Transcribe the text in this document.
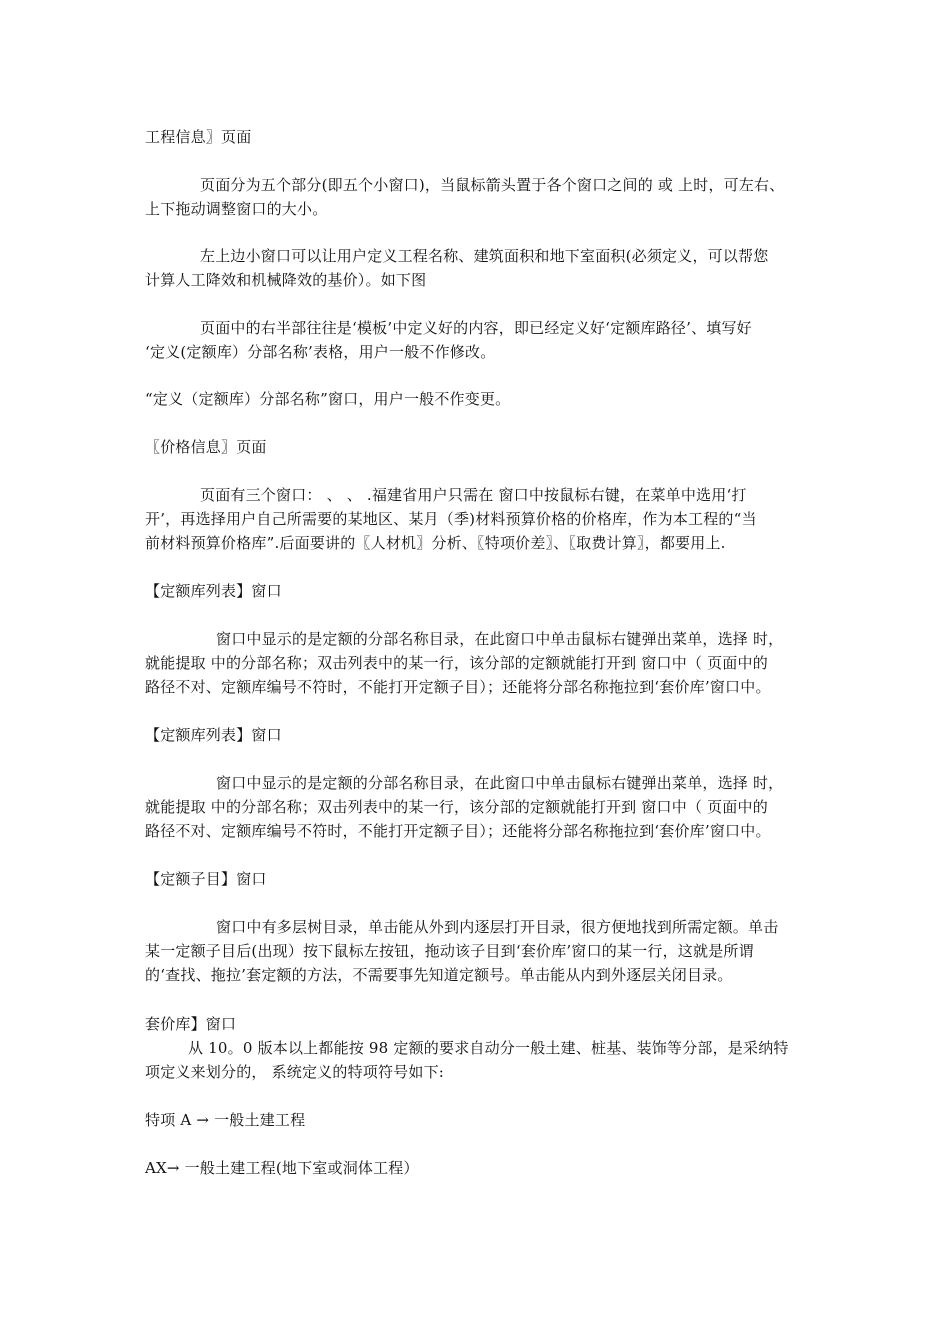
工程信息〗页面
页面分为五个部分(即五个小窗口)，当鼠标箭头置于各个窗口之间的 或 上时，可左右、
上下拖动调整窗口的大小。
左上边小窗口可以让用户定义工程名称、建筑面积和地下室面积(必须定义，可以帮您
计算人工降效和机械降效的基价）。如下图
页面中的右半部往往是‘模板’中定义好的内容，即已经定义好‘定额库路径’、填写好
‘定义(定额库）分部名称’表格，用户一般不作修改。
“定义（定额库）分部名称”窗口，用户一般不作变更。
〖价格信息〗页面
页面有三个窗口： 、 、 .福建省用户只需在 窗口中按鼠标右键，在菜单中选用‘打
开’，再选择用户自己所需要的某地区、某月（季)材料预算价格的价格库，作为本工程的“当
前材料预算价格库”.后面要讲的〖人材机〗分析、〖特项价差〗、〖取费计算〗，都要用上.
【定额库列表】窗口
窗口中显示的是定额的分部名称目录，在此窗口中单击鼠标右键弹出菜单，选择 时，
就能提取 中的分部名称；双击列表中的某一行，该分部的定额就能打开到 窗口中（ 页面中的
路径不对、定额库编号不符时，不能打开定额子目）；还能将分部名称拖拉到‘套价库’窗口中。
【定额库列表】窗口
窗口中显示的是定额的分部名称目录，在此窗口中单击鼠标右键弹出菜单，选择 时，
就能提取 中的分部名称；双击列表中的某一行，该分部的定额就能打开到 窗口中（ 页面中的
路径不对、定额库编号不符时，不能打开定额子目）；还能将分部名称拖拉到‘套价库’窗口中。
【定额子目】窗口
窗口中有多层树目录，单击能从外到内逐层打开目录，很方便地找到所需定额。单击
某一定额子目后(出现）按下鼠标左按钮，拖动该子目到‘套价库’窗口的某一行，这就是所谓
的‘查找、拖拉’套定额的方法，不需要事先知道定额号。单击能从内到外逐层关闭目录。
套价库】窗口
从 10。0 版本以上都能按 98 定额的要求自动分一般土建、桩基、装饰等分部，是采纳特
项定义来划分的， 系统定义的特项符号如下:
特项 A → 一般土建工程
AX→ 一般土建工程(地下室或洞体工程）
